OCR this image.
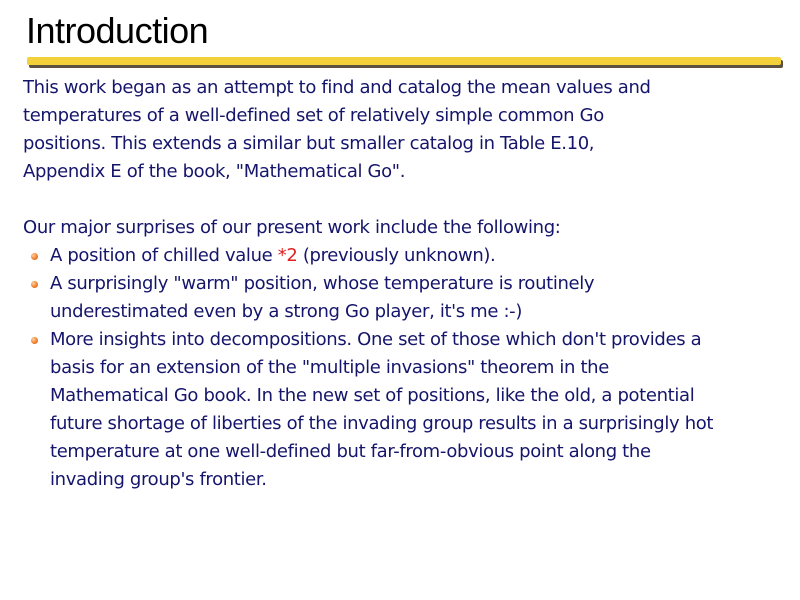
Introduction

This work began as an attempt to find and catalog the mean values and
temperatures of a well-defined set of relatively simple common Go
positions. This extends a similar but smaller catalog in Table E.10,
Appendix E of the book, "Mathematical Go".

Our major surprises of our present work include the following:

A position of chilled value *2 (previously unknown).
A surprisingly "warm" position, whose temperature is routinely
underestimated even by a strong Go player, it's me :-)
More insights into decompositions. One set of those which don't provides a
basis for an extension of the "multiple invasions" theorem in the
Mathematical Go book. In the new set of positions, like the old, a potential
future shortage of liberties of the invading group results in a surprisingly hot
temperature at one well-defined but far-from-obvious point along the
invading group's frontier.
